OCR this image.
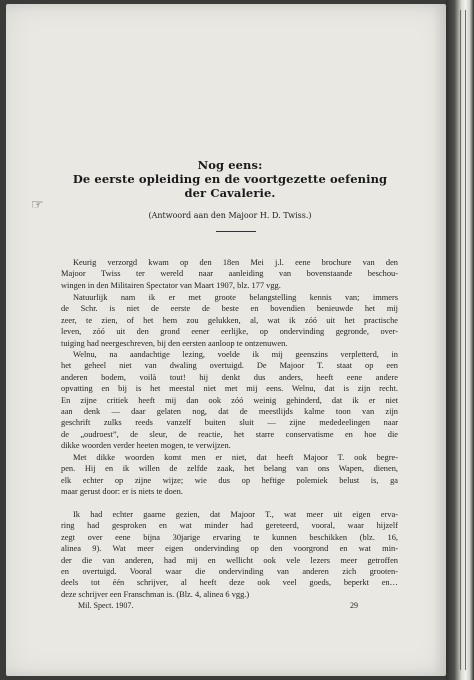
☞
Nog eens:
De eerste opleiding en de voortgezette oefening
der Cavalerie.
(Antwoord aan den Majoor H. D. Twiss.)
Keurig verzorgd kwam op den 18en Mei j.l. eene brochure van den
Majoor Twiss ter wereld naar aanleiding van bovenstaande beschou-
wingen in den Militairen Spectator van Maart 1907, blz. 177 vgg.
Natuurlijk nam ik er met groote belangstelling kennis van; immers
de Schr. is niet de eerste de beste en bovendien benieuwde het mij
zeer, te zien, of het hem zou gelukken, al, wat ik zóó uit het practische
leven, zóó uit den grond eener eerlijke, op ondervinding gegronde, over-
tuiging had neergeschreven, bij den eersten aanloop te ontzenuwen.
Welnu, na aandachtige lezing, voelde ik mij geenszins verpletterd, in
het geheel niet van dwaling overtuigd. De Majoor T. staat op een
anderen bodem, voilà tout! hij denkt dus anders, heeft eene andere
opvatting en bij is het meestal niet met mij eens. Welnu, dat is zijn recht.
En zijne critiek heeft mij dan ook zóó weinig gehinderd, dat ik er niet
aan denk — daar gelaten nog, dat de meestlijds kalme toon van zijn
geschrift zulks reeds vanzelf buiten sluit — zijne mededeelingen naar
de „oudroest”, de sleur, de reactie, het starre conservatisme en hoe die
dikke woorden verder heeten mogen, te verwijzen.
Met dikke woorden komt men er niet, dat heeft Majoor T. ook begre-
pen. Hij en ik willen de zelfde zaak, het belang van ons Wapen, dienen,
elk echter op zijne wijze; wie dus op heftige polemiek belust is, ga
maar gerust door: er is niets te doen.
Ik had echter gaarne gezien, dat Majoor T., wat meer uit eigen erva-
ring had gesproken en wat minder had gereteerd, vooral, waar hijzelf
zegt over eene bijna 30jarige ervaring te kunnen beschikken (blz. 16,
alinea 9). Wat meer eigen ondervinding op den voorgrond en wat min-
der die van anderen, had mij en wellicht ook vele lezers meer getroffen
en overtuigd. Vooral waar die ondervinding van anderen zich grooten-
deels tot één schrijver, al heeft deze ook veel goeds, beperkt en…
deze schrijver een Franschman is. (Blz. 4, alinea 6 vgg.)
Mil. Spect. 1907.	29
